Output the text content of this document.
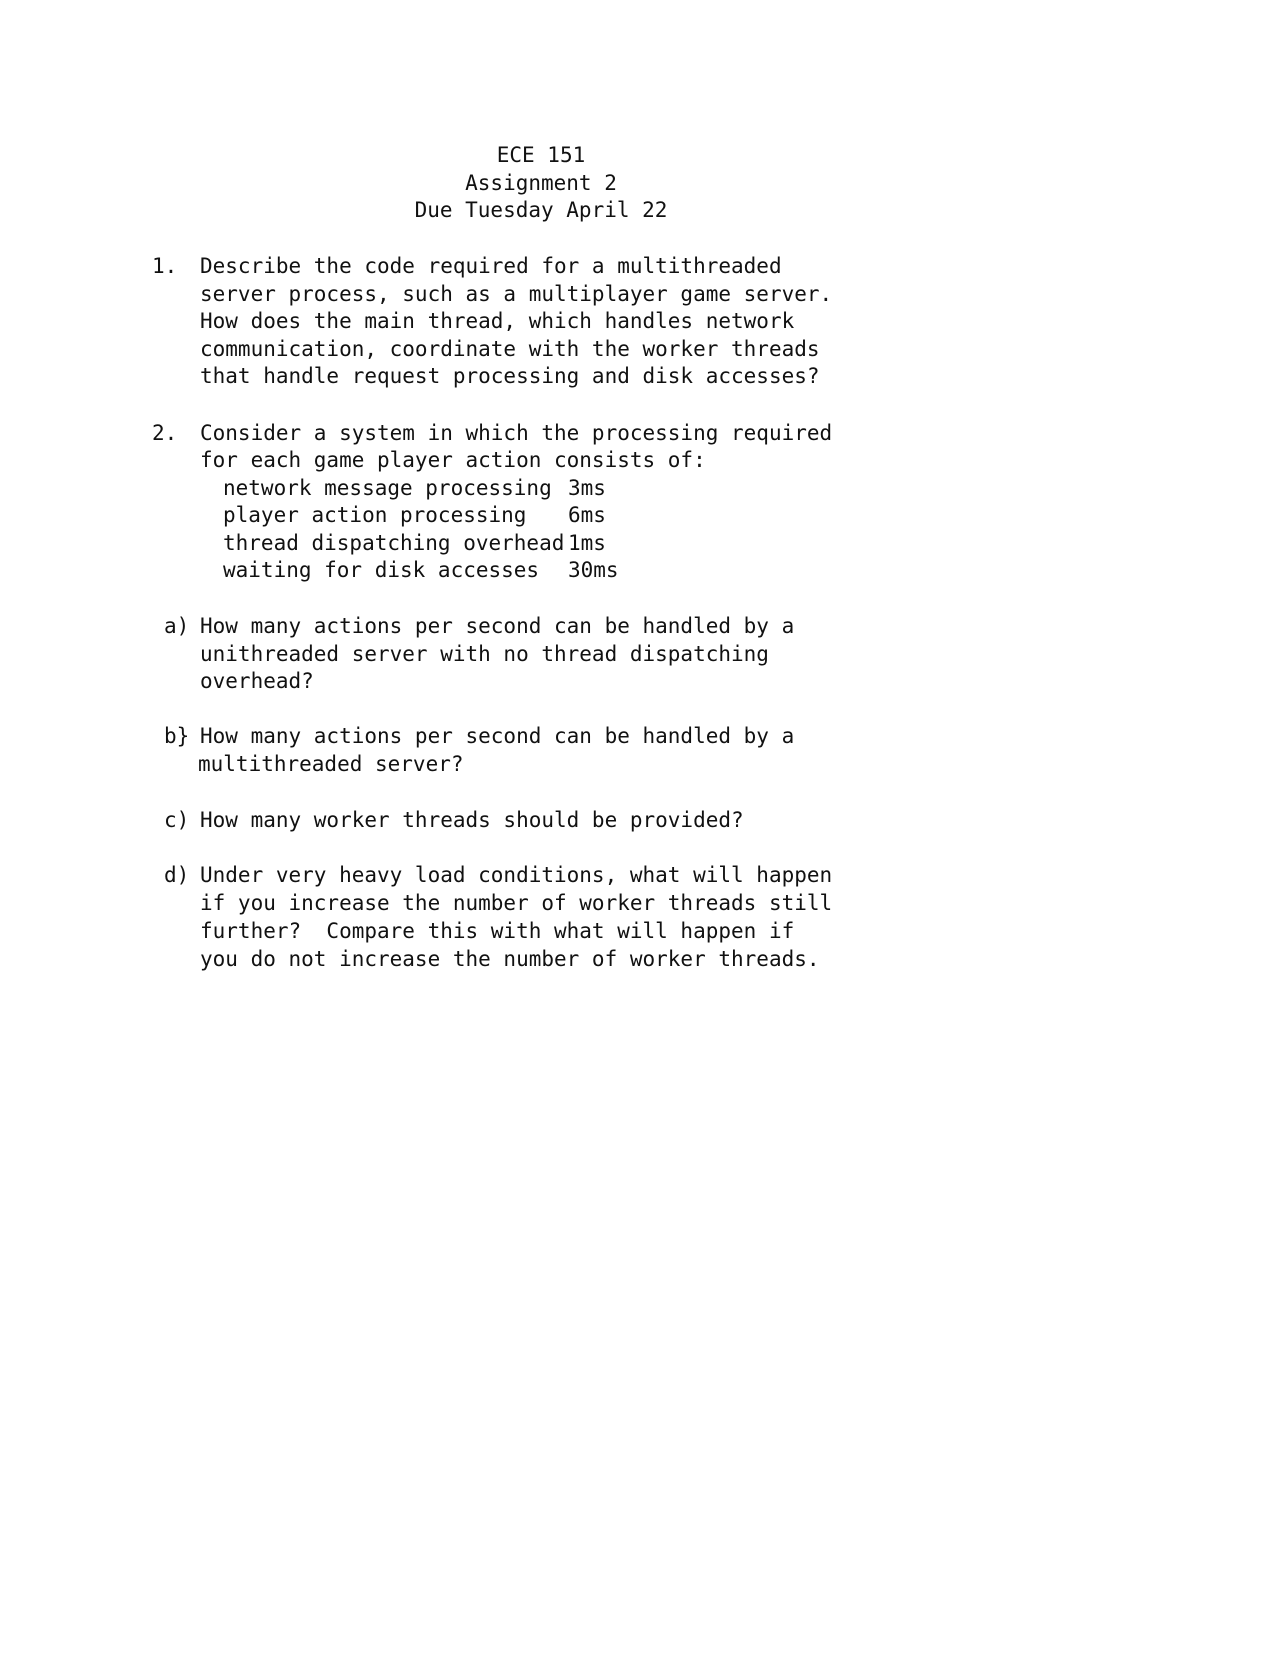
ECE 151
Assignment 2
Due Tuesday April 22
1. Describe the code required for a multithreaded
server process, such as a multiplayer game server.
How does the main thread, which handles network
communication, coordinate with the worker threads
that handle request processing and disk accesses?
2. Consider a system in which the processing required
for each game player action consists of:
network message processing 3ms
player action processing 6ms
thread dispatching overhead 1ms
waiting for disk accesses 30ms
a) How many actions per second can be handled by a
unithreaded server with no thread dispatching
overhead?
b} How many actions per second can be handled by a
multithreaded server?
c) How many worker threads should be provided?
d) Under very heavy load conditions, what will happen
if you increase the number of worker threads still
further?  Compare this with what will happen if
you do not increase the number of worker threads.
